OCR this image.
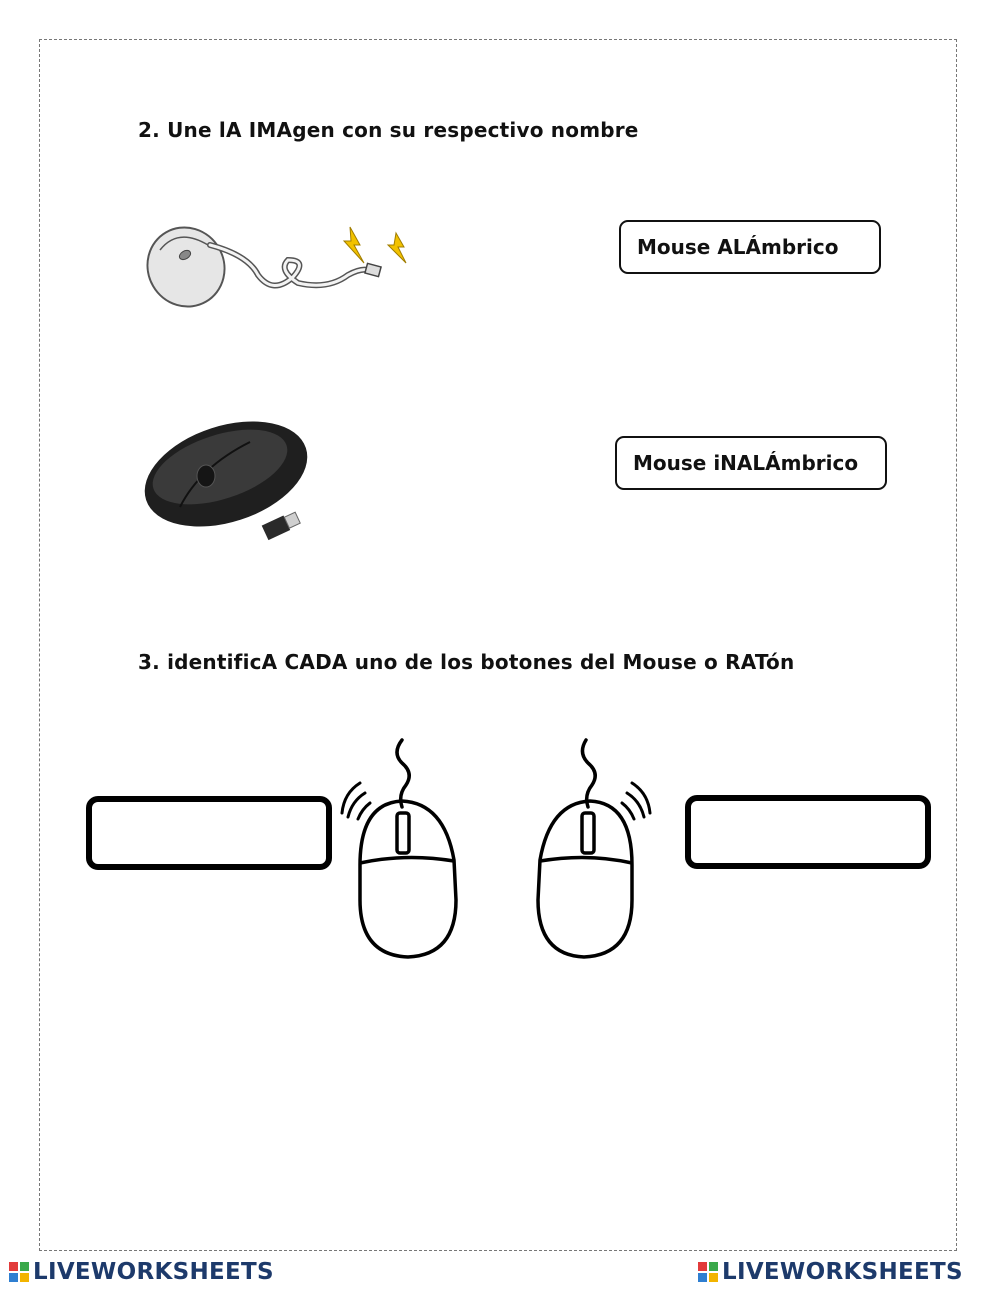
2. Une lA IMAgen con su respectivo nombre
Mouse ALÁmbrico
Mouse iNALÁmbrico
3. identificA CADA uno de los botones del Mouse o RATón
LIVEWORKSHEETS	LIVEWORKSHEETS
